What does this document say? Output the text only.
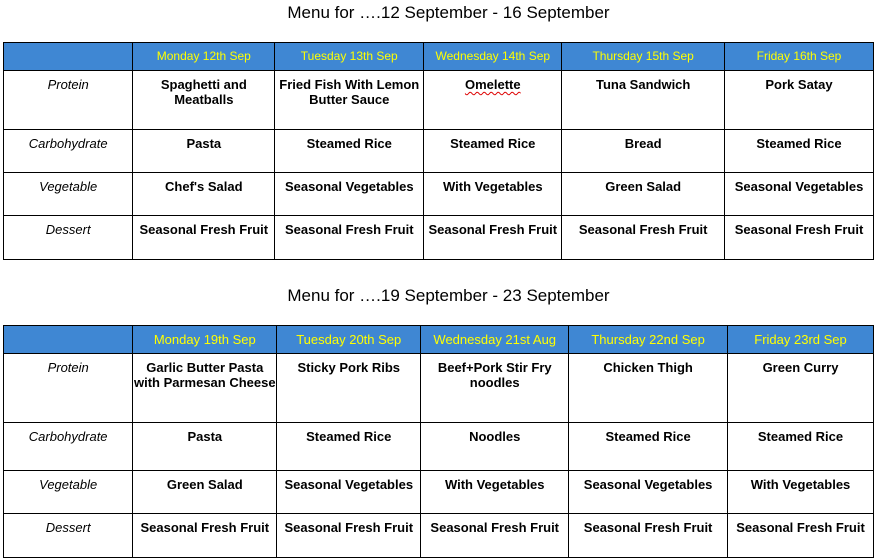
Menu for ….12 September - 16 September
	Monday 12th Sep	Tuesday 13th Sep	Wednesday 14th Sep	Thursday 15th Sep	Friday 16th Sep

Protein	Spaghetti and Meatballs	Fried Fish With Lemon Butter Sauce	Omelette	Tuna Sandwich	Pork Satay

Carbohydrate	Pasta	Steamed Rice	Steamed Rice	Bread	Steamed Rice

Vegetable	Chef's Salad	Seasonal Vegetables	With Vegetables	Green Salad	Seasonal Vegetables

Dessert	Seasonal Fresh Fruit	Seasonal Fresh Fruit	Seasonal Fresh Fruit	Seasonal Fresh Fruit	Seasonal Fresh Fruit
Menu for ….19 September - 23 September
	Monday 19th Sep	Tuesday 20th Sep	Wednesday 21st Aug	Thursday 22nd Sep	Friday 23rd Sep

Protein	Garlic Butter Pasta with Parmesan Cheese	Sticky Pork Ribs	Beef+Pork Stir Fry noodles	Chicken Thigh	Green Curry

Carbohydrate	Pasta	Steamed Rice	Noodles	Steamed Rice	Steamed Rice

Vegetable	Green Salad	Seasonal Vegetables	With Vegetables	Seasonal Vegetables	With Vegetables

Dessert	Seasonal Fresh Fruit	Seasonal Fresh Fruit	Seasonal Fresh Fruit	Seasonal Fresh Fruit	Seasonal Fresh Fruit
